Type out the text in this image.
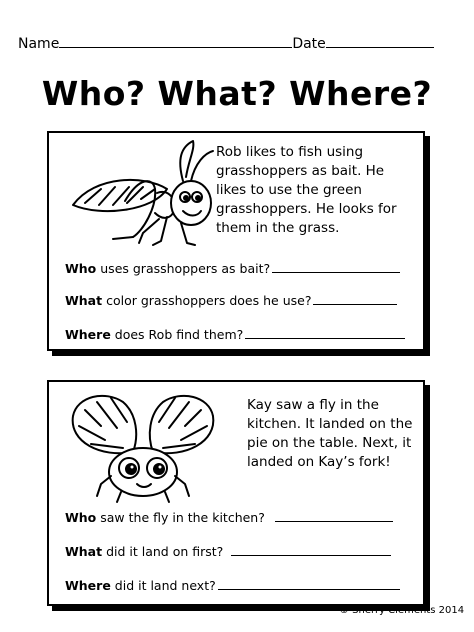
Name	Date
Who? What? Where?

Rob likes to fish using grasshoppers as bait. He likes to use the green grasshoppers. He looks for them in the grass.

Who uses grasshoppers as bait?
What color grasshoppers does he use?
Where does Rob find them?

Kay saw a fly in the kitchen. It landed on the pie on the table. Next, it landed on Kay’s fork!

Who saw the fly in the kitchen?
What did it land on first?
Where did it land next?
© Sherry Clements 2014
